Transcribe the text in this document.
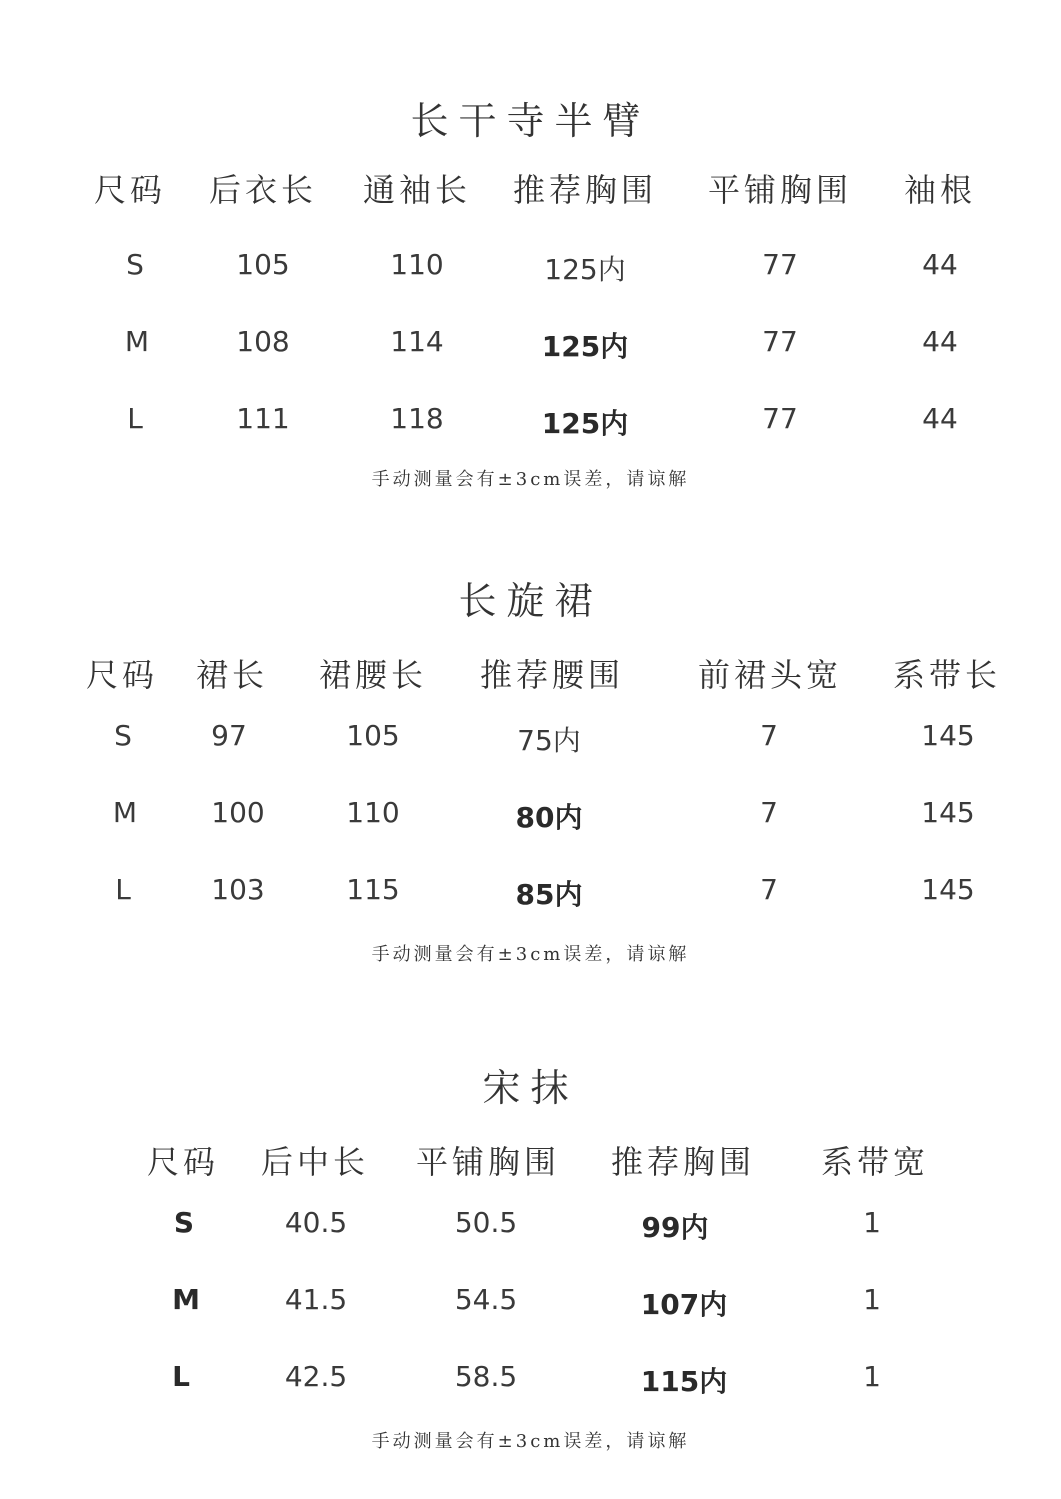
长干寺半臂
尺码 后衣长 通袖长 推荐胸围 平铺胸围 袖根
S	105	110	125内	77	44
M	108	114	125内	77	44
L	111	118	125内	77	44
手动测量会有±3cm误差，请谅解
长旋裙
尺码 裙长 裙腰长 推荐腰围 前裙头宽 系带长
S	97	105	75内	7	145
M	100	110	80内	7	145
L	103	115	85内	7	145
手动测量会有±3cm误差，请谅解
宋抹
尺码 后中长 平铺胸围 推荐胸围 系带宽
S	40.5	50.5	99内	1
M	41.5	54.5	107内	1
L	42.5	58.5	115内	1
手动测量会有±3cm误差，请谅解
